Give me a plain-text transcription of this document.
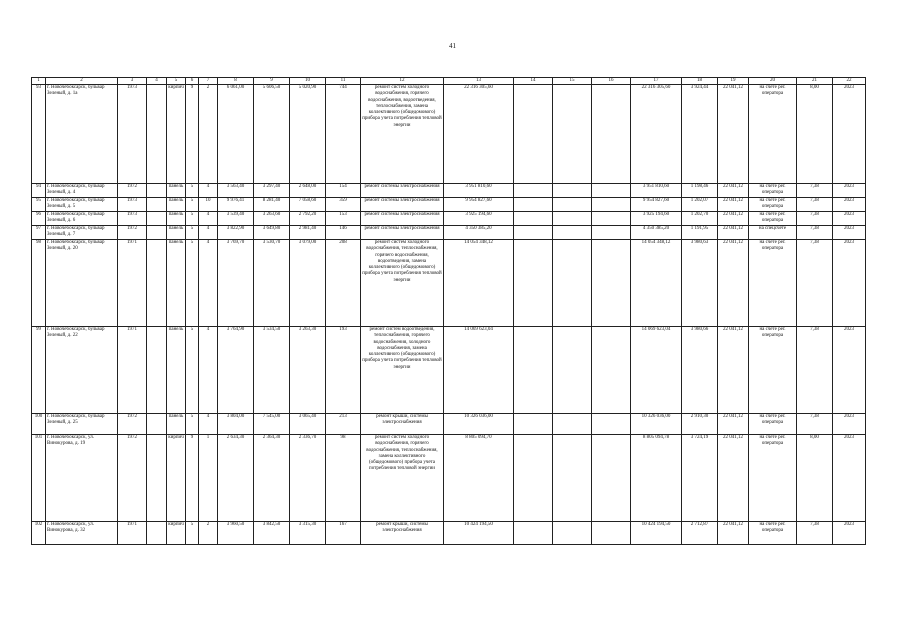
41
1	2	3	4	5	6	7	8	9	10	11	12	13	14	15	16	17	18	19	20	21	22
93	г. Новочебоксарск, бульвар Зеленый, д. 1а	1973		кирпич	9	2	6 061,00	5 606,50	5 020,90	744	ремонт систем холодного водоснабжения, горячего водоснабжения, водоотведения, теплоснабжения, замена коллективного (общедомового) прибора учета потребления тепловой энергии	22 316 305,60				22 316 305,60	3 924,44	22 041,12	на счете рег. оператора	8,00	2023
94	г. Новочебоксарск, бульвар Зеленый, д. 4	1972		панель	5	4	3 563,40	3 297,40	2 648,00	154	ремонт системы электроснабжения	3 951 810,60				3 951 810,60	1 198,46	22 041,12	на счете рег. оператора	7,38	2023
95	г. Новочебоксарск, бульвар Зеленый, д. 5	1973		панель	5	10	9 976,41	8 281,40	7 058,60	359	ремонт системы электроснабжения	9 954 827,60				9 954 827,60	1 202,07	22 041,12	на счете рег. оператора	7,38	2023
96	г. Новочебоксарск, бульвар Зеленый, д. 6	1973		панель	5	4	3 539,40	3 263,60	2 792,20	153	ремонт системы электроснабжения	3 925 194,60				3 925 194,60	1 202,70	22 041,12	на счете рег. оператора	7,38	2023
97	г. Новочебоксарск, бульвар Зеленый, д. 7	1972		панель	5	4	3 822,90	3 649,80	2 981,40	146	ремонт системы электроснабжения	4 350 385,20				4 350 385,20	1 191,95	22 041,12	на спецсчете	7,38	2023
98	г. Новочебоксарск, бульвар Зеленый, д. 20	1971		панель	5	4	3 769,70	3 530,70	3 079,00	208	ремонт систем холодного водоснабжения, теплоснабжения, горячего водоснабжения, водоотведения, замена коллективного (общедомового) прибора учета потребления тепловой энергии	14 054 348,12				14 054 348,12	3 980,63	22 041,12	на счете рег. оператора	7,38	2023
99	г. Новочебоксарск, бульвар Зеленый, д. 22	1971		панель	5	4	3 764,90	3 534,50	3 263,30	193	ремонт систем водоотведения, теплоснабжения, горячего водоснабжения, холодного водоснабжения, замена коллективного (общедомового) прибора учета потребления тепловой энергии	14 069 623,04				14 069 623,04	3 980,66	22 041,12	на счете рег. оператора	7,38	2023
100	г. Новочебоксарск, бульвар Зеленый, д. 25	1972		панель	5	4	3 804,00	7 545,00	3 065,40	213	ремонт крыши, системы электроснабжения	10 326 036,00				10 326 036,00	2 910,30	22 041,12	на счете рег. оператора	7,38	2023
101	г. Новочебоксарск, ул. Винокурова, д. 19	1972		кирпич	9	1	2 634,30	2 364,30	2 336,70	98	ремонт систем холодного водоснабжения, горячего водоснабжения, теплоснабжения, замена коллективного (общедомового) прибора учета потребления тепловой энергии	8 805 094,70				8 805 094,78	3 724,19	22 041,12	на счете рег. оператора	8,00	2023
102	г. Новочебоксарск, ул. Винокурова, д. 32	1971		кирпич	5	2	3 960,50	3 842,50	3 315,30	167	ремонт крыши, системы электроснабжения	10 424 194,50				10 424 194,50	2 712,87	22 041,12	на счете рег. оператора	7,38	2023
